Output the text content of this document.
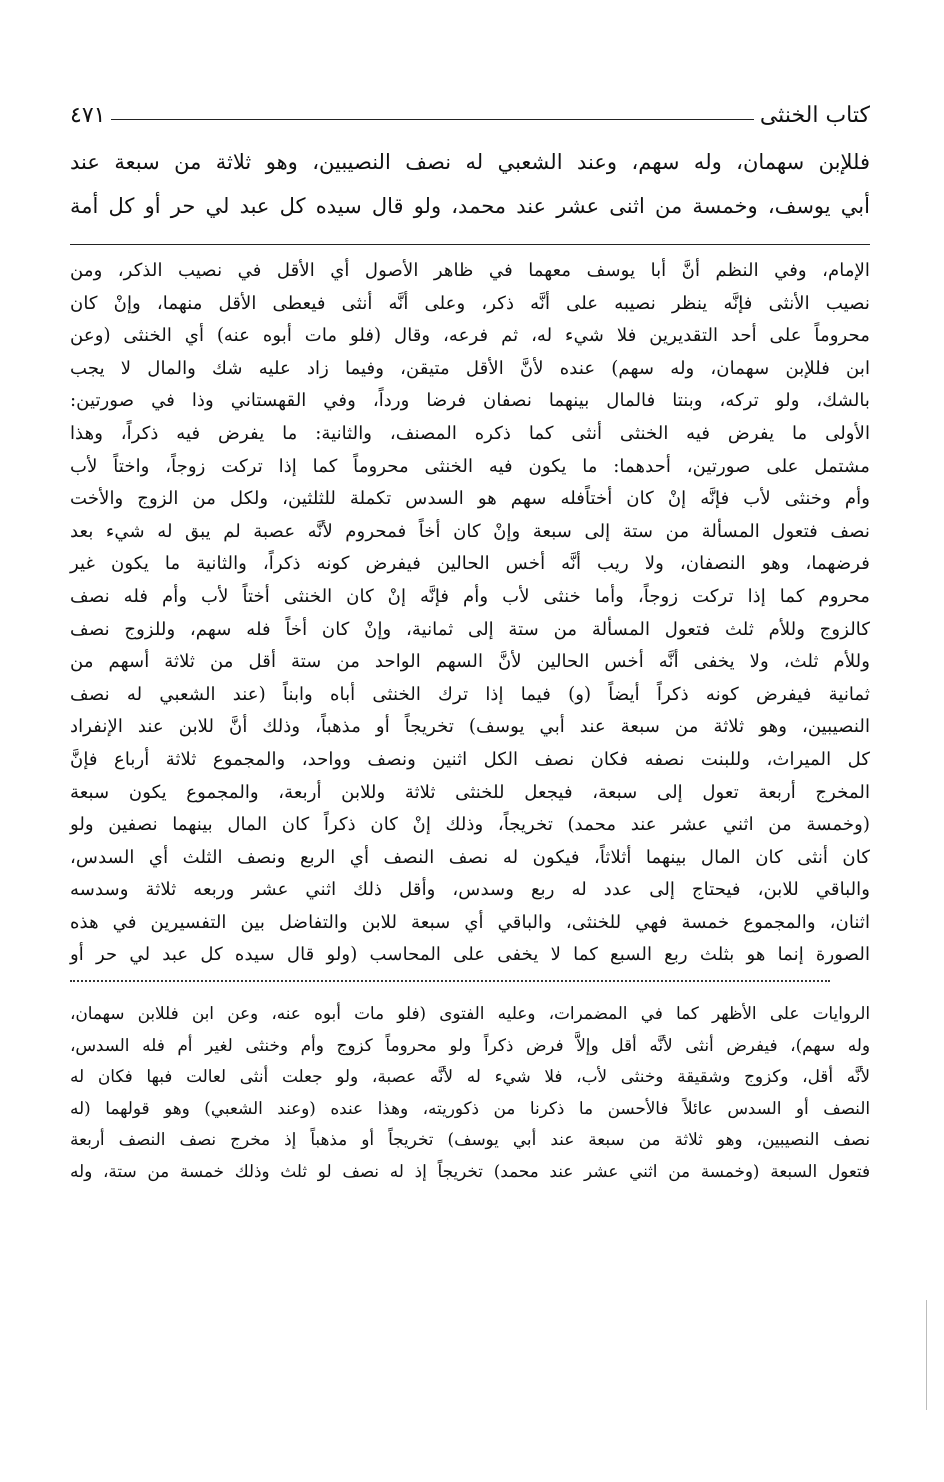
كتاب الخنثى
٤٧١

فللإبن سهمان، وله سهم، وعند الشعبي له نصف النصيبين، وهو ثلاثة من سبعة عند

أبي يوسف، وخمسة من اثنى عشر عند محمد، ولو قال سيده كل عبد لي حر أو كل أمة

الإمام، وفي النظم أنَّ أبا يوسف معهما في ظاهر الأصول أي الأقل في نصيب الذكر، ومن

نصيب الأنثى فإنَّه ينظر نصيبه على أنَّه ذكر، وعلى أنَّه أنثى فيعطى الأقل منهما، وإنْ كان

محروماً على أحد التقديرين فلا شيء له، ثم فرعه، وقال (فلو مات أبوه عنه) أي الخنثى (وعن

ابن فللإبن سهمان، وله سهم) عنده لأنَّ الأقل متيقن، وفيما زاد عليه شك والمال لا يجب

بالشك، ولو تركه، وبنتا فالمال بينهما نصفان فرضا ورداً، وفي القهستاني وذا في صورتين:

الأولى ما يفرض فيه الخنثى أنثى كما ذكره المصنف، والثانية: ما يفرض فيه ذكراً، وهذا

مشتمل على صورتين، أحدهما: ما يكون فيه الخنثى محروماً كما إذا تركت زوجاً، واختاً لأب

وأم وخنثى لأب فإنَّه إنْ كان أختاًفله سهم هو السدس تكملة للثلثين، ولكل من الزوج والأخت

نصف فتعول المسألة من ستة إلى سبعة وإنْ كان أخاً فمحروم لأنَّه عصبة لم يبق له شيء بعد

فرضهما، وهو النصفان، ولا ريب أنَّه أخس الحالين فيفرض كونه ذكراً، والثانية ما يكون غير

محروم كما إذا تركت زوجاً، وأما خنثى لأب وأم فإنَّه إنْ كان الخنثى أختاً لأب وأم فله نصف

كالزوج وللأم ثلث فتعول المسألة من ستة إلى ثمانية، وإنْ كان أخاً فله سهم، وللزوج نصف

وللأم ثلث، ولا يخفى أنَّه أخس الحالين لأنَّ السهم الواحد من ستة أقل من ثلاثة أسهم من

ثمانية فيفرض كونه ذكراً أيضاً (و) فيما إذا ترك الخنثى أباه وابناً (عند الشعبي له نصف

النصيبين، وهو ثلاثة من سبعة عند أبي يوسف) تخريجاً أو مذهباً، وذلك أنَّ للابن عند الإنفراد

كل الميراث، وللبنت نصفه فكان نصف الكل اثنين ونصف وواحد، والمجموع ثلاثة أرباع فإنَّ

المخرج أربعة تعول إلى سبعة، فيجعل للخنثى ثلاثة وللابن أربعة، والمجموع يكون سبعة

(وخمسة من اثني عشر عند محمد) تخريجاً، وذلك إنْ كان ذكراً كان المال بينهما نصفين ولو

كان أنثى كان المال بينهما أثلاثاً، فيكون له نصف النصف أي الربع ونصف الثلث أي السدس،

والباقي للابن، فيحتاج إلى عدد له ربع وسدس، وأقل ذلك اثني عشر وربعه ثلاثة وسدسه

اثنان، والمجموع خمسة فهي للخنثى، والباقي أي سبعة للابن والتفاضل بين التفسيرين في هذه

الصورة إنما هو بثلث ربع السبع كما لا يخفى على المحاسب (ولو قال سيده كل عبد لي حر أو

الروايات على الأظهر كما في المضمرات، وعليه الفتوى (فلو مات أبوه عنه، وعن ابن فللابن سهمان،

وله سهم)، فيفرض أنثى لأنَّه أقل وإلاَّ فرض ذكراً ولو محروماً كزوج وأم وخنثى لغير أم فله السدس،

لأنَّه أقل، وكزوج وشقيقة وخنثى لأب، فلا شيء له لأنَّه عصبة، ولو جعلت أنثى لعالت فبها فكان له

النصف أو السدس عائلاً فالأحسن ما ذكرنا من ذكوريته، وهذا عنده (وعند الشعبي) وهو قولهما (له

نصف النصيبين، وهو ثلاثة من سبعة عند أبي يوسف) تخريجاً أو مذهباً إذ مخرج نصف النصف أربعة

فتعول السبعة (وخمسة من اثني عشر عند محمد) تخريجاً إذ له نصف لو ثلث وذلك خمسة من ستة، وله
